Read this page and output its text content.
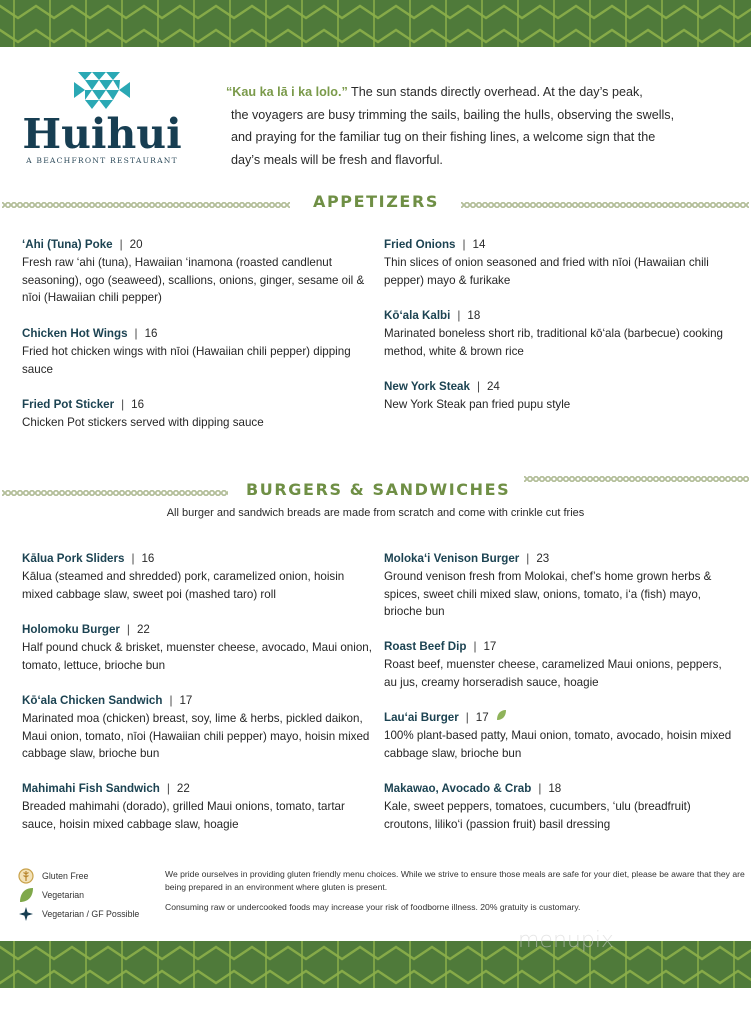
Huihui
A BEACHFRONT RESTAURANT
“Kau ka lā i ka lolo.” The sun stands directly overhead. At the day’s peak,
the voyagers are busy trimming the sails, bailing the hulls, observing the swells,
and praying for the familiar tug on their fishing lines, a welcome sign that the
day’s meals will be fresh and flavorful.
APPETIZERS
‘Ahi (Tuna) Poke | 20
Fresh raw ‘ahi (tuna), Hawaiian ‘inamona (roasted candlenut seasoning), ogo (seaweed), scallions, onions, ginger, sesame oil & nīoi (Hawaiian chili pepper)
Chicken Hot Wings | 16
Fried hot chicken wings with nīoi (Hawaiian chili pepper) dipping sauce
Fried Pot Sticker | 16
Chicken Pot stickers served with dipping sauce
Fried Onions | 14
Thin slices of onion seasoned and fried with nīoi (Hawaiian chili pepper) mayo & furikake
Kō‘ala Kalbi | 18
Marinated boneless short rib, traditional kō‘ala (barbecue) cooking method, white & brown rice
New York Steak | 24
New York Steak pan fried pupu style
BURGERS & SANDWICHES
All burger and sandwich breads are made from scratch and come with crinkle cut fries
Kālua Pork Sliders | 16
Kālua (steamed and shredded) pork, caramelized onion, hoisin mixed cabbage slaw, sweet poi (mashed taro) roll
Holomoku Burger | 22
Half pound chuck & brisket, muenster cheese, avocado, Maui onion, tomato, lettuce, brioche bun
Kō‘ala Chicken Sandwich | 17
Marinated moa (chicken) breast, soy, lime & herbs, pickled daikon, Maui onion, tomato, nīoi (Hawaiian chili pepper) mayo, hoisin mixed cabbage slaw, brioche bun
Mahimahi Fish Sandwich | 22
Breaded mahimahi (dorado), grilled Maui onions, tomato, tartar sauce, hoisin mixed cabbage slaw, hoagie
Moloka‘i Venison Burger | 23
Ground venison fresh from Molokai, chef’s home grown herbs & spices, sweet chili mixed slaw, onions, tomato, i‘a (fish) mayo, brioche bun
Roast Beef Dip | 17
Roast beef, muenster cheese, caramelized Maui onions, peppers, au jus, creamy horseradish sauce, hoagie
Lau‘ai Burger | 17
100% plant-based patty, Maui onion, tomato, avocado, hoisin mixed cabbage slaw, brioche bun
Makawao, Avocado & Crab | 18
Kale, sweet peppers, tomatoes, cucumbers, ‘ulu (breadfruit) croutons, liliko‘i (passion fruit) basil dressing
Gluten Free
Vegetarian
Vegetarian / GF Possible

We pride ourselves in providing gluten friendly menu choices. While we strive to ensure those meals are safe for your diet, please be aware that they are being prepared in an environment where gluten is present.

Consuming raw or undercooked foods may increase your risk of foodborne illness. 20% gratuity is customary.

menupix
